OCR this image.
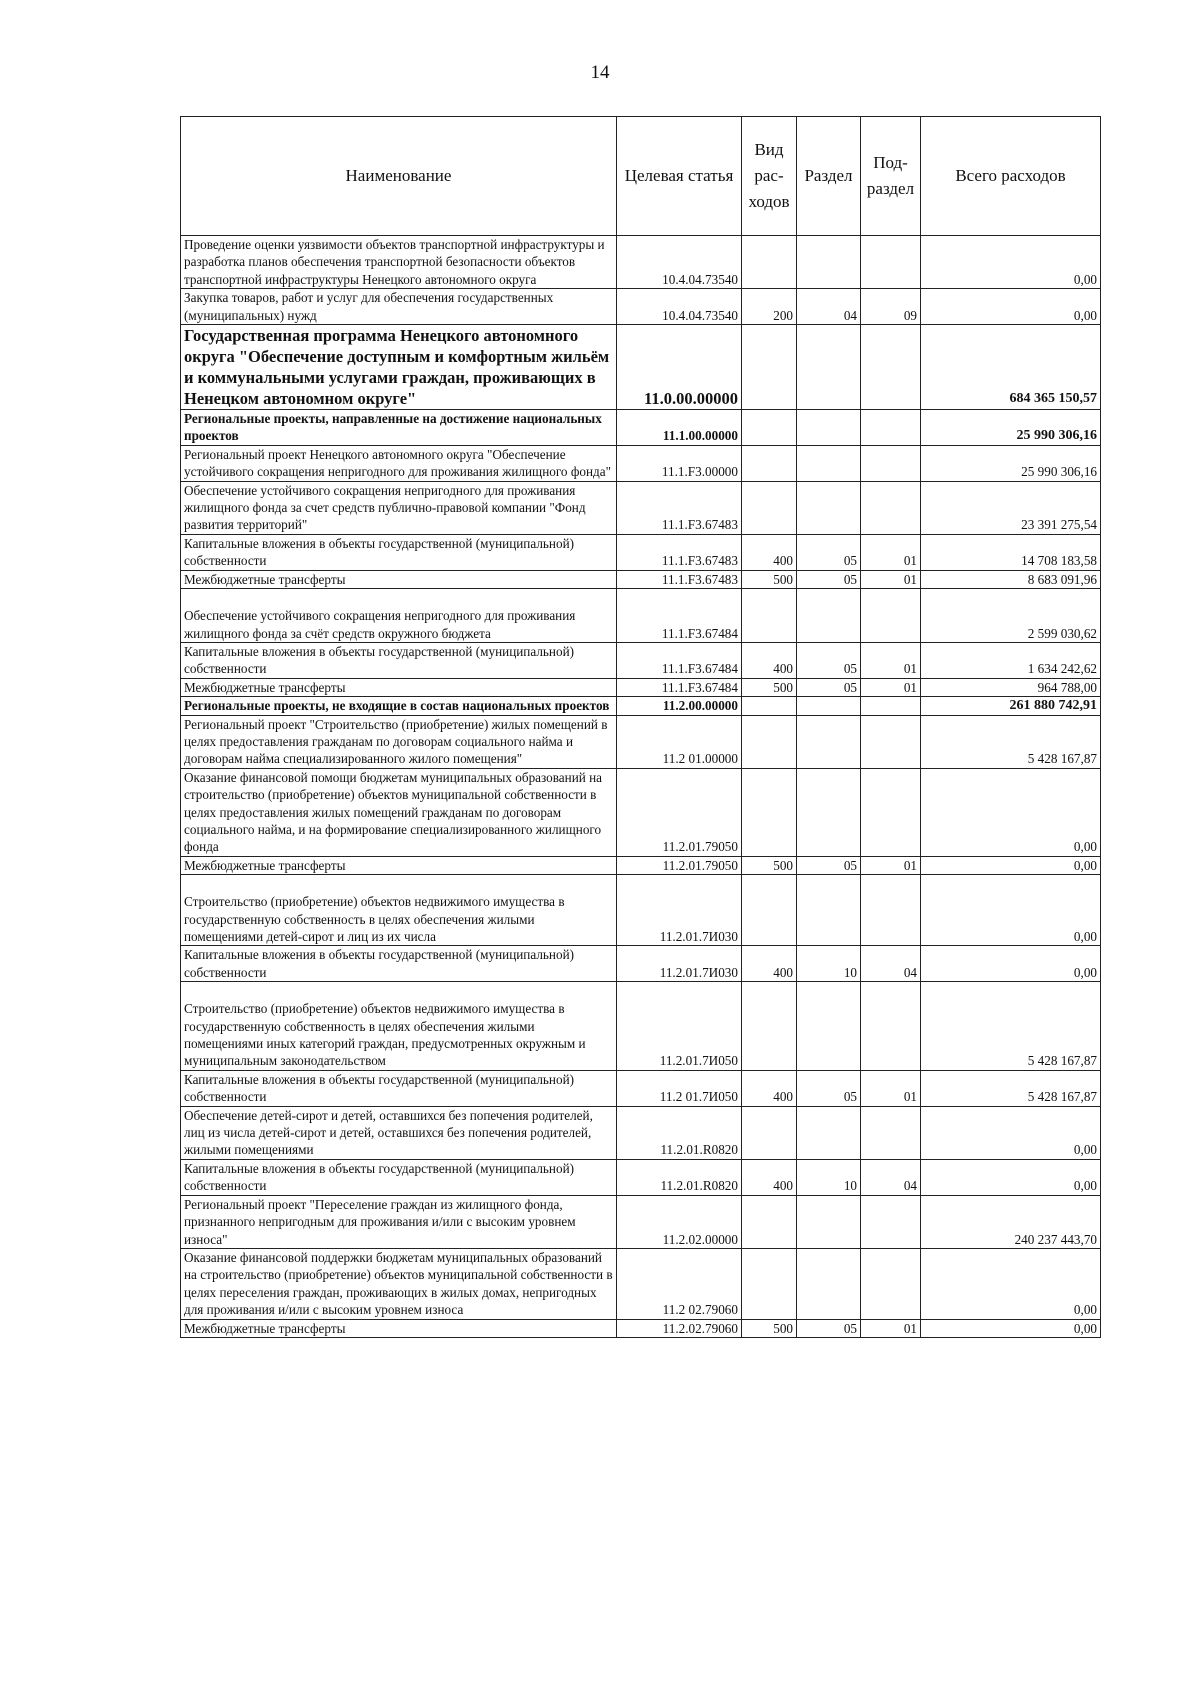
14
Наименование	Целевая статья	Вид рас- ходов	Раздел	Под- раздел	Всего расходов
Проведение оценки уязвимости объектов транспортной инфраструктуры и разработка планов обеспечения транспортной безопасности объектов транспортной инфраструктуры Ненецкого автономного округа	10.4.04.73540				0,00
Закупка товаров, работ и услуг для обеспечения государственных (муниципальных) нужд	10.4.04.73540	200	04	09	0,00
Государственная программа Ненецкого автономного округа "Обеспечение доступным и комфортным жильём и коммунальными услугами граждан, проживающих в Ненецком автономном округе"	11.0.00.00000				684 365 150,57
Региональные проекты, направленные на достижение национальных проектов	11.1.00.00000				25 990 306,16
Региональный проект Ненецкого автономного округа "Обеспечение устойчивого сокращения непригодного для проживания жилищного фонда"	11.1.F3.00000				25 990 306,16
Обеспечение устойчивого сокращения непригодного для проживания жилищного фонда за счет средств публично-правовой компании "Фонд развития территорий"	11.1.F3.67483				23 391 275,54
Капитальные вложения в объекты государственной (муниципальной) собственности	11.1.F3.67483	400	05	01	14 708 183,58
Межбюджетные трансферты	11.1.F3.67483	500	05	01	8 683 091,96
Обеспечение устойчивого сокращения непригодного для проживания жилищного фонда за счёт средств окружного бюджета	11.1.F3.67484				2 599 030,62
Капитальные вложения в объекты государственной (муниципальной) собственности	11.1.F3.67484	400	05	01	1 634 242,62
Межбюджетные трансферты	11.1.F3.67484	500	05	01	964 788,00
Региональные проекты, не входящие в состав национальных проектов	11.2.00.00000				261 880 742,91
Региональный проект "Строительство (приобретение) жилых помещений в целях предоставления гражданам по договорам социального найма и договорам найма специализированного жилого помещения"	11.2 01.00000				5 428 167,87
Оказание финансовой помощи бюджетам муниципальных образований на строительство (приобретение) объектов муниципальной собственности в целях предоставления жилых помещений гражданам по договорам социального найма, и на формирование специализированного жилищного фонда	11.2.01.79050				0,00
Межбюджетные трансферты	11.2.01.79050	500	05	01	0,00
Строительство (приобретение) объектов недвижимого имущества в государственную собственность в целях обеспечения жилыми помещениями детей-сирот и лиц из их числа	11.2.01.7И030				0,00
Капитальные вложения в объекты государственной (муниципальной) собственности	11.2.01.7И030	400	10	04	0,00
Строительство (приобретение) объектов недвижимого имущества в государственную собственность в целях обеспечения жилыми помещениями иных категорий граждан, предусмотренных окружным и муниципальным законодательством	11.2.01.7И050				5 428 167,87
Капитальные вложения в объекты государственной (муниципальной) собственности	11.2 01.7И050	400	05	01	5 428 167,87
Обеспечение детей-сирот и детей, оставшихся без попечения родителей, лиц из числа детей-сирот и детей, оставшихся без попечения родителей, жилыми помещениями	11.2.01.R0820				0,00
Капитальные вложения в объекты государственной (муниципальной) собственности	11.2.01.R0820	400	10	04	0,00
Региональный проект "Переселение граждан из жилищного фонда, признанного непригодным для проживания и/или с высоким уровнем износа"	11.2.02.00000				240 237 443,70
Оказание финансовой поддержки бюджетам муниципальных образований на строительство (приобретение) объектов муниципальной собственности в целях переселения граждан, проживающих в жилых домах, непригодных для проживания и/или с высоким уровнем износа	11.2 02.79060				0,00
Межбюджетные трансферты	11.2.02.79060	500	05	01	0,00
